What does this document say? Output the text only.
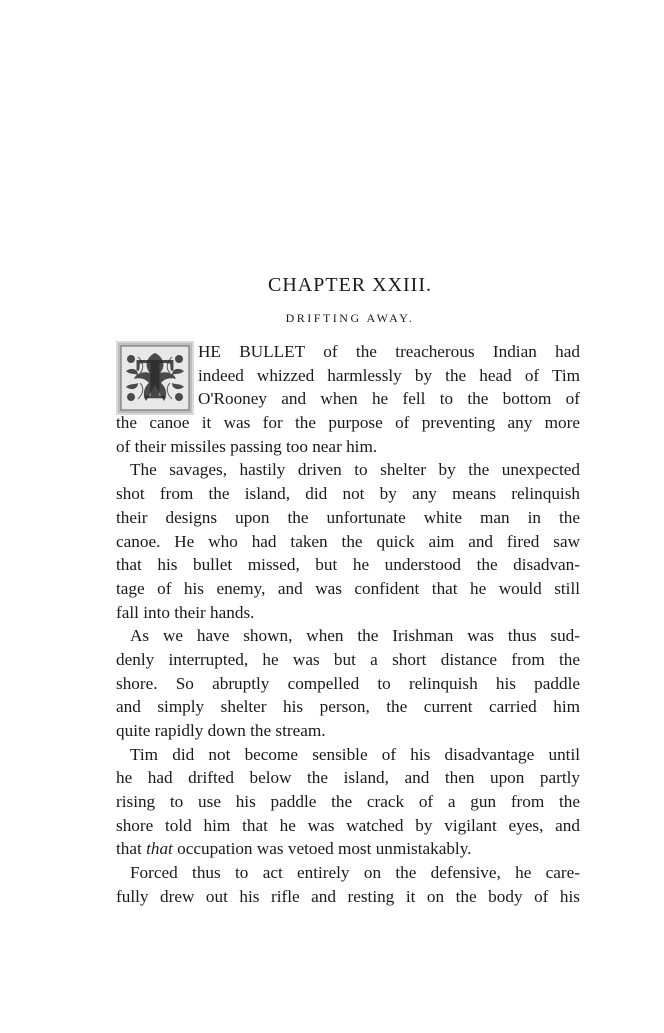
CHAPTER XXIII.
DRIFTING AWAY.
T	HE BULLET of the treacherous Indian had
indeed whizzed harmlessly by the head of Tim
O'Rooney and when he fell to the bottom of
the canoe it was for the purpose of preventing any more
of their missiles passing too near him.
The savages, hastily driven to shelter by the unexpected
shot from the island, did not by any means relinquish
their designs upon the unfortunate white man in the
canoe. He who had taken the quick aim and fired saw
that his bullet missed, but he understood the disadvan-
tage of his enemy, and was confident that he would still
fall into their hands.
As we have shown, when the Irishman was thus sud-
denly interrupted, he was but a short distance from the
shore. So abruptly compelled to relinquish his paddle
and simply shelter his person, the current carried him
quite rapidly down the stream.
Tim did not become sensible of his disadvantage until
he had drifted below the island, and then upon partly
rising to use his paddle the crack of a gun from the
shore told him that he was watched by vigilant eyes, and
that that occupation was vetoed most unmistakably.
Forced thus to act entirely on the defensive, he care-
fully drew out his rifle and resting it on the body of his
